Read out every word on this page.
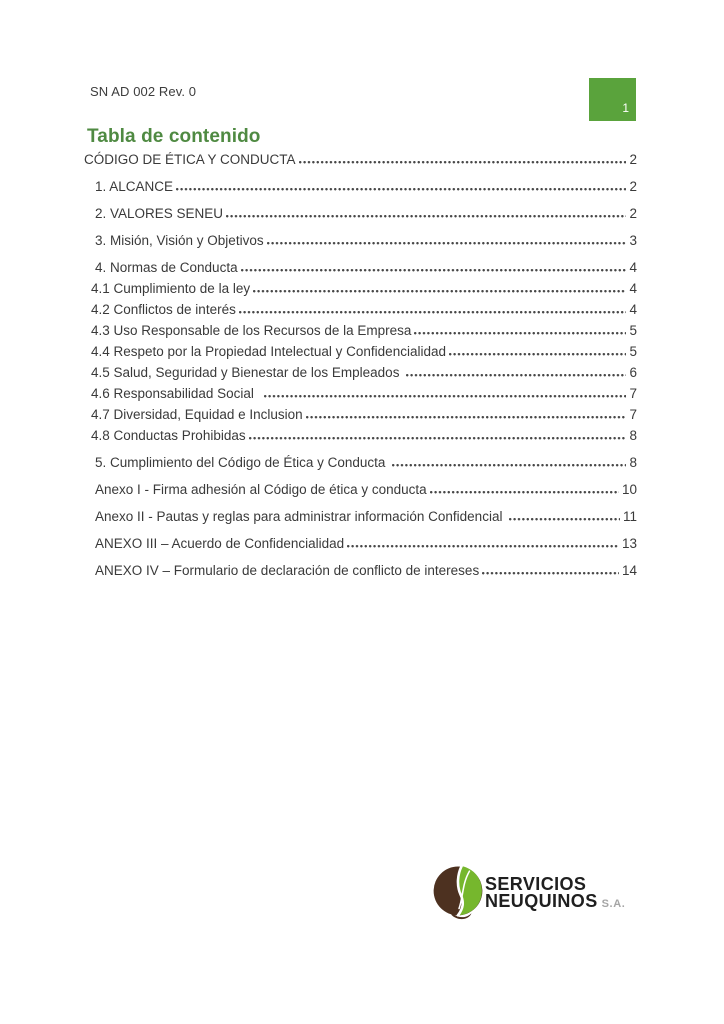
SN AD 002 Rev. 0
1
Tabla de contenido
CÓDIGO DE ÉTICA Y CONDUCTA	2
1. ALCANCE	2
2. VALORES SENEU	2
3. Misión, Visión y Objetivos	3
4. Normas de Conducta	4
4.1 Cumplimiento de la ley	4
4.2 Conflictos de interés	4
4.3 Uso Responsable de los Recursos de la Empresa	5
4.4 Respeto por la Propiedad Intelectual y Confidencialidad	5
4.5 Salud, Seguridad y Bienestar de los Empleados	6
4.6 Responsabilidad Social	7
4.7 Diversidad, Equidad e Inclusion	7
4.8 Conductas Prohibidas	8
5. Cumplimiento del Código de Ética y Conducta	8
Anexo I - Firma adhesión al Código de ética y conducta	10
Anexo II - Pautas y reglas para administrar información Confidencial	11
ANEXO III – Acuerdo de Confidencialidad	13
ANEXO IV – Formulario de declaración de conflicto de intereses	14
SERVICIOS
NEUQUINOS S.A.
